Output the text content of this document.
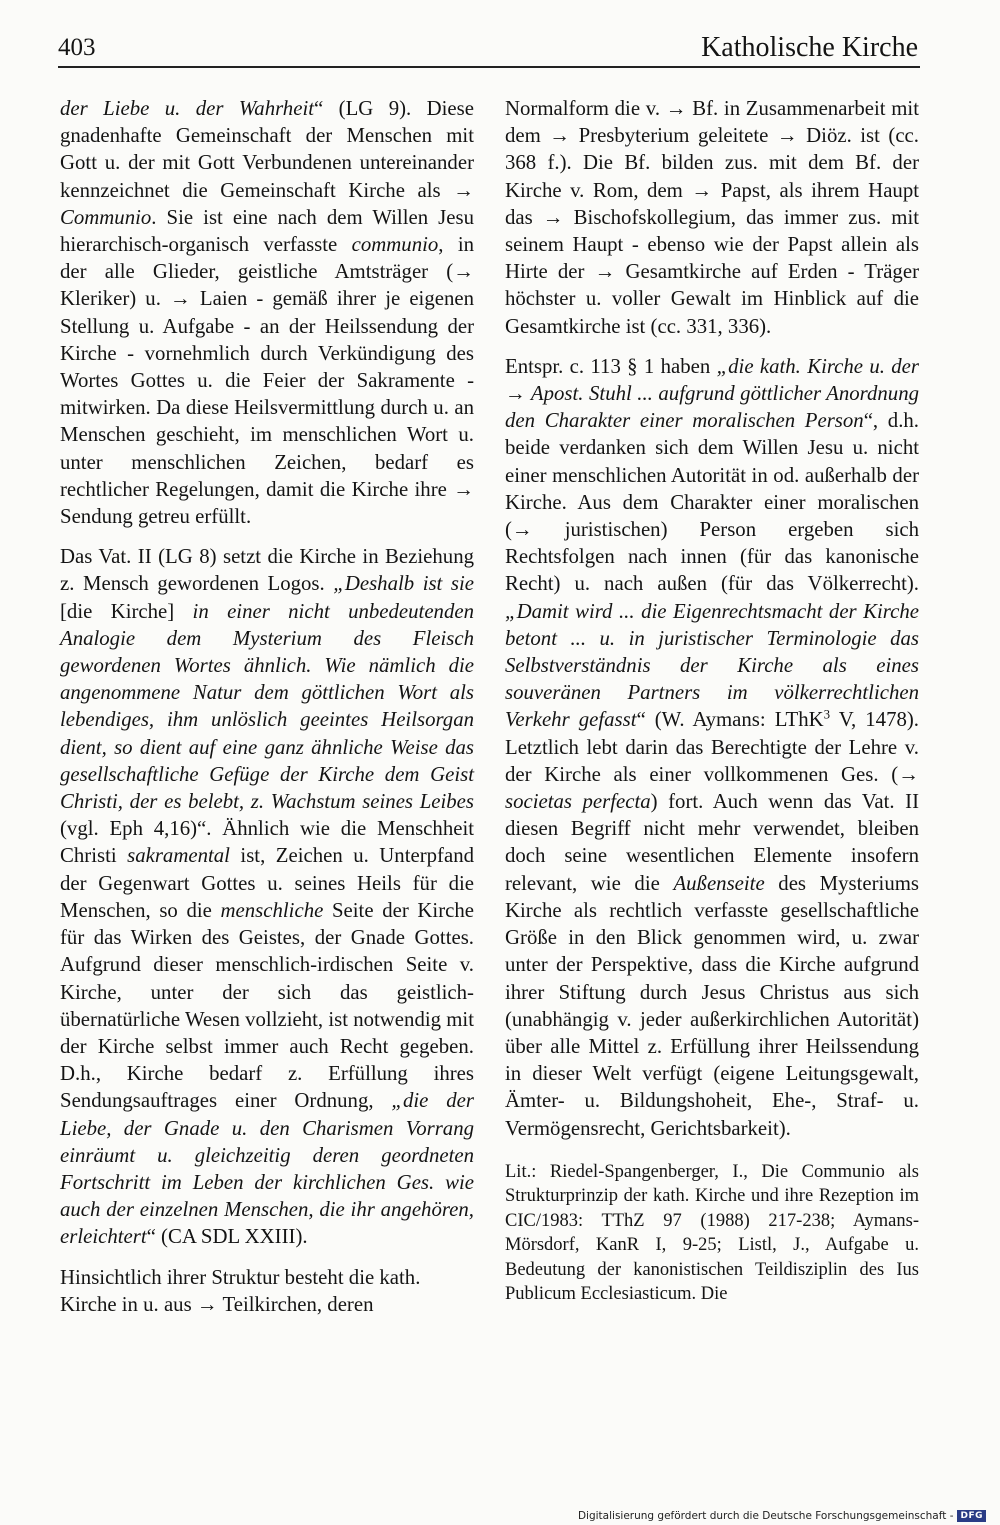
403	Katholische Kirche

der Liebe u. der Wahrheit“ (LG 9). Diese gnadenhafte Gemeinschaft der Menschen mit Gott u. der mit Gott Verbundenen untereinander kennzeichnet die Gemeinschaft Kirche als → Communio. Sie ist eine nach dem Willen Jesu hierarchisch-organisch verfasste communio, in der alle Glieder, geistliche Amtsträger (→ Kleriker) u. → Laien - gemäß ihrer je eigenen Stellung u. Aufgabe - an der Heilssendung der Kirche - vornehmlich durch Verkündigung des Wortes Gottes u. die Feier der Sakramente - mitwirken. Da diese Heilsvermittlung durch u. an Menschen geschieht, im menschlichen Wort u. unter menschlichen Zeichen, bedarf es rechtlicher Regelungen, damit die Kirche ihre → Sendung getreu erfüllt.

Das Vat. II (LG 8) setzt die Kirche in Beziehung z. Mensch gewordenen Logos. „Deshalb ist sie [die Kirche] in einer nicht unbedeutenden Analogie dem Mysterium des Fleisch gewordenen Wortes ähnlich. Wie nämlich die angenommene Natur dem göttlichen Wort als lebendiges, ihm unlöslich geeintes Heilsorgan dient, so dient auf eine ganz ähnliche Weise das gesellschaftliche Gefüge der Kirche dem Geist Christi, der es belebt, z. Wachstum seines Leibes (vgl. Eph 4,16)“. Ähnlich wie die Menschheit Christi sakramental ist, Zeichen u. Unterpfand der Gegenwart Gottes u. seines Heils für die Menschen, so die menschliche Seite der Kirche für das Wirken des Geistes, der Gnade Gottes. Aufgrund dieser menschlich-irdischen Seite v. Kirche, unter der sich das geistlich-übernatürliche Wesen vollzieht, ist notwendig mit der Kirche selbst immer auch Recht gegeben. D.h., Kirche bedarf z. Erfüllung ihres Sendungsauftrages einer Ordnung, „die der Liebe, der Gnade u. den Charismen Vorrang einräumt u. gleichzeitig deren geordneten Fortschritt im Leben der kirchlichen Ges. wie auch der einzelnen Menschen, die ihr angehören, erleichtert“ (CA SDL XXIII).

Hinsichtlich ihrer Struktur besteht die kath. Kirche in u. aus → Teilkirchen, deren

Normalform die v. → Bf. in Zusammenarbeit mit dem → Presbyterium geleitete → Diöz. ist (cc. 368 f.). Die Bf. bilden zus. mit dem Bf. der Kirche v. Rom, dem → Papst, als ihrem Haupt das → Bischofskollegium, das immer zus. mit seinem Haupt - ebenso wie der Papst allein als Hirte der → Gesamtkirche auf Erden - Träger höchster u. voller Gewalt im Hinblick auf die Gesamtkirche ist (cc. 331, 336).

Entspr. c. 113 § 1 haben „die kath. Kirche u. der → Apost. Stuhl ... aufgrund göttlicher Anordnung den Charakter einer moralischen Person“, d.h. beide verdanken sich dem Willen Jesu u. nicht einer menschlichen Autorität in od. außerhalb der Kirche. Aus dem Charakter einer moralischen (→ juristischen) Person ergeben sich Rechtsfolgen nach innen (für das kanonische Recht) u. nach außen (für das Völkerrecht). „Damit wird ... die Eigenrechtsmacht der Kirche betont ... u. in juristischer Terminologie das Selbstverständnis der Kirche als eines souveränen Partners im völkerrechtlichen Verkehr gefasst“ (W. Aymans: LThK$^3$ V, 1478). Letztlich lebt darin das Berechtigte der Lehre v. der Kirche als einer vollkommenen Ges. (→ societas perfecta) fort. Auch wenn das Vat. II diesen Begriff nicht mehr verwendet, bleiben doch seine wesentlichen Elemente insofern relevant, wie die Außenseite des Mysteriums Kirche als rechtlich verfasste gesellschaftliche Größe in den Blick genommen wird, u. zwar unter der Perspektive, dass die Kirche aufgrund ihrer Stiftung durch Jesus Christus aus sich (unabhängig v. jeder außerkirchlichen Autorität) über alle Mittel z. Erfüllung ihrer Heilssendung in dieser Welt verfügt (eigene Leitungsgewalt, Ämter- u. Bildungshoheit, Ehe-, Straf- u. Vermögensrecht, Gerichtsbarkeit).

Lit.: Riedel-Spangenberger, I., Die Communio als Strukturprinzip der kath. Kirche und ihre Rezeption im CIC/1983: TThZ 97 (1988) 217-238; Aymans-Mörsdorf, KanR I, 9-25; Listl, J., Aufgabe u. Bedeutung der kanonistischen Teildisziplin des Ius Publicum Ecclesiasticum. Die

Digitalisierung gefördert durch die Deutsche Forschungsgemeinschaft - DFG
